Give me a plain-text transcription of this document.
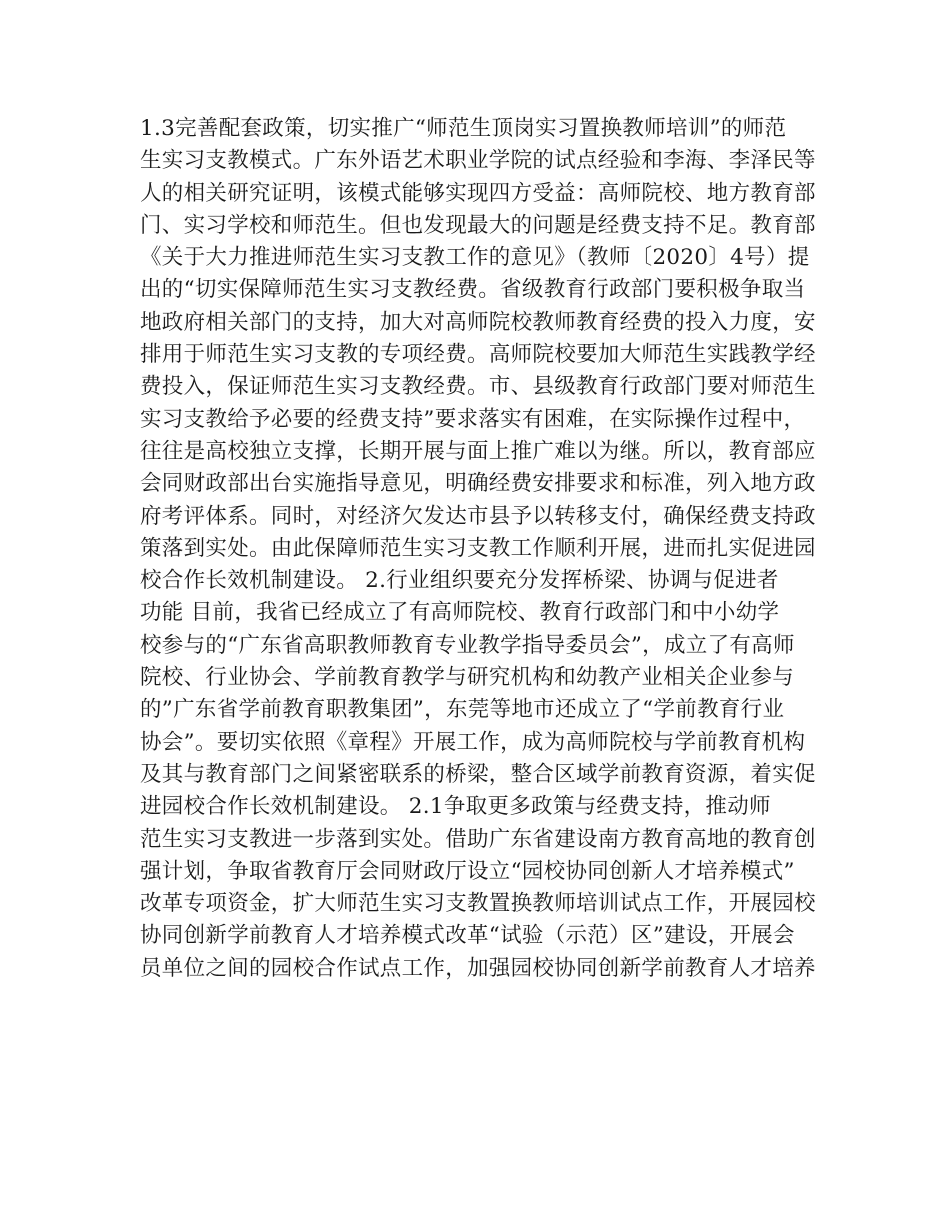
1.3完善配套政策，切实推广“师范生顶岗实习置换教师培训”的师范
生实习支教模式。广东外语艺术职业学院的试点经验和李海、李泽民等
人的相关研究证明，该模式能够实现四方受益：高师院校、地方教育部
门、实习学校和师范生。但也发现最大的问题是经费支持不足。教育部
《关于大力推进师范生实习支教工作的意见》（教师〔2020〕4号）提
出的“切实保障师范生实习支教经费。省级教育行政部门要积极争取当
地政府相关部门的支持，加大对高师院校教师教育经费的投入力度，安
排用于师范生实习支教的专项经费。高师院校要加大师范生实践教学经
费投入，保证师范生实习支教经费。市、县级教育行政部门要对师范生
实习支教给予必要的经费支持”要求落实有困难，在实际操作过程中，
往往是高校独立支撑，长期开展与面上推广难以为继。所以，教育部应
会同财政部出台实施指导意见，明确经费安排要求和标准，列入地方政
府考评体系。同时，对经济欠发达市县予以转移支付，确保经费支持政
策落到实处。由此保障师范生实习支教工作顺利开展，进而扎实促进园
校合作长效机制建设。 2.行业组织要充分发挥桥梁、协调与促进者
功能 目前，我省已经成立了有高师院校、教育行政部门和中小幼学
校参与的“广东省高职教师教育专业教学指导委员会”，成立了有高师
院校、行业协会、学前教育教学与研究机构和幼教产业相关企业参与
的”广东省学前教育职教集团”，东莞等地市还成立了“学前教育行业
协会”。要切实依照《章程》开展工作，成为高师院校与学前教育机构
及其与教育部门之间紧密联系的桥梁，整合区域学前教育资源，着实促
进园校合作长效机制建设。 2.1争取更多政策与经费支持，推动师
范生实习支教进一步落到实处。借助广东省建设南方教育高地的教育创
强计划，争取省教育厅会同财政厅设立“园校协同创新人才培养模式”
改革专项资金，扩大师范生实习支教置换教师培训试点工作，开展园校
协同创新学前教育人才培养模式改革“试验（示范）区”建设，开展会
员单位之间的园校合作试点工作，加强园校协同创新学前教育人才培养
